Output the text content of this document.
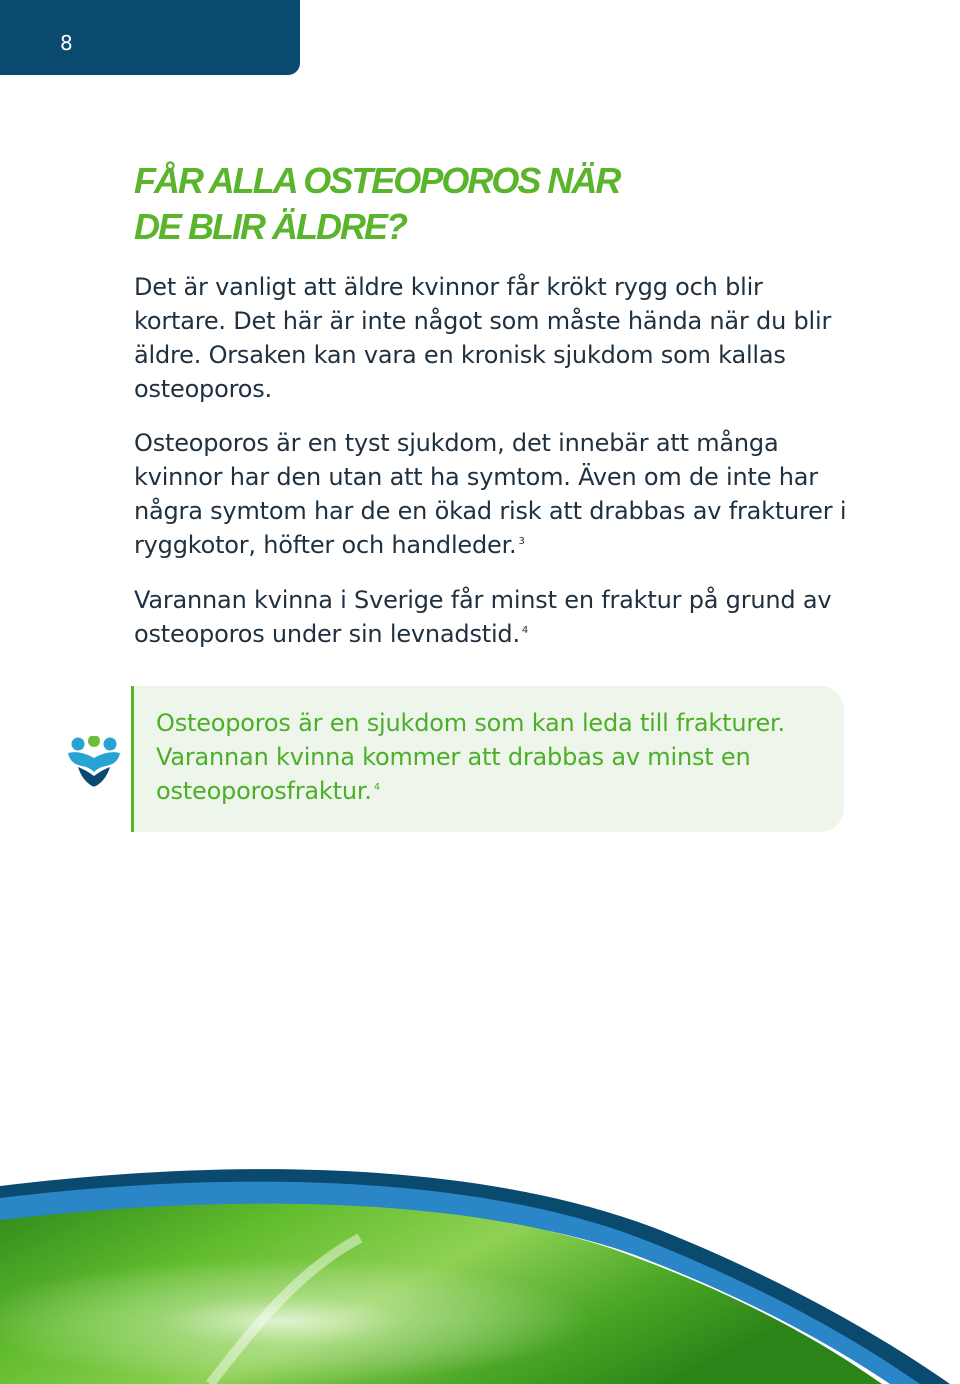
8
FÅR ALLA OSTEOPOROS NÄR
DE BLIR ÄLDRE?

Det är vanligt att äldre kvinnor får krökt rygg och blir kortare. Det här är inte något som måste hända när du blir äldre. Orsaken kan vara en kronisk sjukdom som kallas osteoporos.

Osteoporos är en tyst sjukdom, det innebär att många kvinnor har den utan att ha symtom. Även om de inte har några symtom har de en ökad risk att drabbas av frakturer i ryggkotor, höfter och handleder. $^3$

Varannan kvinna i Sverige får minst en fraktur på grund av osteoporos under sin levnadstid. $^4$

Osteoporos är en sjukdom som kan leda till frakturer. Varannan kvinna kommer att drabbas av minst en osteoporosfraktur. $^4$
